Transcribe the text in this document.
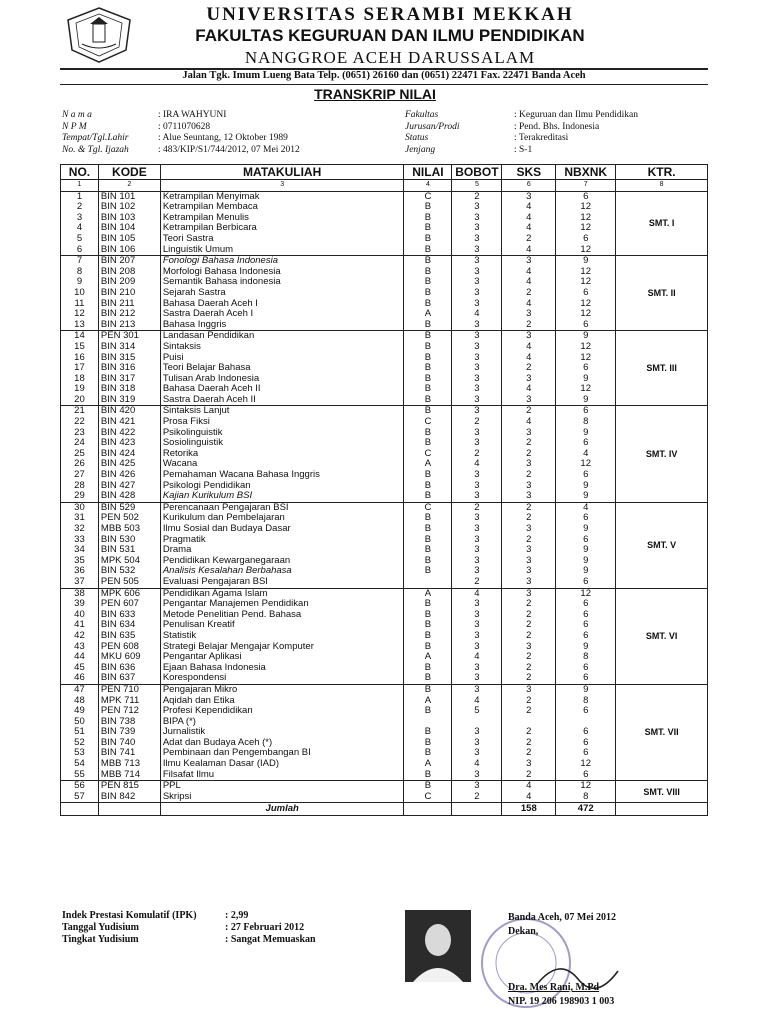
UNIVERSITAS SERAMBI MEKKAH
FAKULTAS KEGURUAN DAN ILMU PENDIDIKAN
NANGGROE ACEH DARUSSALAM
Jalan Tgk. Imum Lueng Bata Telp. (0651) 26160 dan (0651) 22471 Fax. 22471 Banda Aceh
TRANSKRIP NILAI
N a m a	: IRA WAHYUNI
N P M	: 0711070628
Tempat/Tgl.Lahir	: Alue Seuntang, 12 Oktober 1989
No. & Tgl. Ijazah	: 483/KIP/S1/744/2012, 07 Mei 2012
Fakultas	: Keguruan dan Ilmu Pendidikan
Jurusan/Prodi	: Pend. Bhs. Indonesia
Status	: Terakreditasi
Jenjang	: S-1
NO.	KODE	MATAKULIAH	NILAI	BOBOT	SKS	NBXNK	KTR.
1	2	3	4	5	6	7	8
1	BIN 101	Ketrampilan Menyimak	C	2	3	6	SMT. I
2	BIN 102	Ketrampilan Membaca	B	3	4	12	
3	BIN 103	Ketrampilan Menulis	B	3	4	12	
4	BIN 104	Ketrampilan Berbicara	B	3	4	12	
5	BIN 105	Teori Sastra	B	3	2	6	
6	BIN 106	Linguistik Umum	B	3	4	12	
7	BIN 207	Fonologi Bahasa Indonesia	B	3	3	9	SMT. II
8	BIN 208	Morfologi Bahasa Indonesia	B	3	4	12	
9	BIN 209	Semantik Bahasa indonesia	B	3	4	12	
10	BIN 210	Sejarah Sastra	B	3	2	6	
11	BIN 211	Bahasa Daerah Aceh I	B	3	4	12	
12	BIN 212	Sastra Daerah Aceh I	A	4	3	12	
13	BIN 213	Bahasa Inggris	B	3	2	6	
14	PEN 301	Landasan Pendidikan	B	3	3	9	SMT. III
15	BIN 314	Sintaksis	B	3	4	12	
16	BIN 315	Puisi	B	3	4	12	
17	BIN 316	Teori Belajar Bahasa	B	3	2	6	
18	BIN 317	Tulisan Arab Indonesia	B	3	3	9	
19	BIN 318	Bahasa Daerah Aceh II	B	3	4	12	
20	BIN 319	Sastra Daerah Aceh II	B	3	3	9	
21	BIN 420	Sintaksis Lanjut	B	3	2	6	SMT. IV
22	BIN 421	Prosa Fiksi	C	2	4	8	
23	BIN 422	Psikolinguistik	B	3	3	9	
24	BIN 423	Sosiolinguistik	B	3	2	6	
25	BIN 424	Retorika	C	2	2	4	
26	BIN 425	Wacana	A	4	3	12	
27	BIN 426	Pemahaman Wacana Bahasa Inggris	B	3	2	6	
28	BIN 427	Psikologi Pendidikan	B	3	3	9	
29	BIN 428	Kajian Kurikulum BSI	B	3	3	9	
30	BIN 529	Perencanaan Pengajaran BSI	C	2	2	4	SMT. V
31	PEN 502	Kurikulum dan Pembelajaran	B	3	2	6	
32	MBB 503	Ilmu Sosial dan Budaya Dasar	B	3	3	9	
33	BIN 530	Pragmatik	B	3	2	6	
34	BIN 531	Drama	B	3	3	9	
35	MPK 504	Pendidikan Kewarganegaraan	B	3	3	9	
36	BIN 532	Analisis Kesalahan Berbahasa	B	3	3	9	
37	PEN 505	Evaluasi Pengajaran BSI		2	3	6	
38	MPK 606	Pendidikan Agama Islam	A	4	3	12	SMT. VI
39	PEN 607	Pengantar Manajemen Pendidikan	B	3	2	6	
40	BIN 633	Metode Penelitian Pend. Bahasa	B	3	2	6	
41	BIN 634	Penulisan Kreatif	B	3	2	6	
42	BIN 635	Statistik	B	3	2	6	
43	PEN 608	Strategi Belajar Mengajar Komputer	B	3	3	9	
44	MKU 609	Pengantar Aplikasi	A	4	2	8	
45	BIN 636	Ejaan Bahasa Indonesia	B	3	2	6	
46	BIN 637	Korespondensi	B	3	2	6	
47	PEN 710	Pengajaran Mikro	B	3	3	9	SMT. VII
48	MPK 711	Aqidah dan Etika	A	4	2	8	
49	PEN 712	Profesi Kependidikan	B	5	2	6	
50	BIN 738	BIPA (*)					
51	BIN 739	Jurnalistik	B	3	2	6	
52	BIN 740	Adat dan Budaya Aceh (*)	B	3	2	6	
53	BIN 741	Pembinaan dan Pengembangan BI	B	3	2	6	
54	MBB 713	Ilmu Kealaman Dasar (IAD)	A	4	3	12	
55	MBB 714	Filsafat Ilmu	B	3	2	6	
56	PEN 815	PPL	B	3	4	12	SMT. VIII
57	BIN 842	Skripsi	C	2	4	8	
		Jumlah			158	472	
Indek Prestasi Komulatif (IPK)	: 2,99
Tanggal Yudisium	: 27 Februari 2012
Tingkat Yudisium	: Sangat Memuaskan
Banda Aceh, 07 Mei 2012
Dekan,
Dra. Mes Rani, M.Pd
NIP. 19 206 198903 1 003
